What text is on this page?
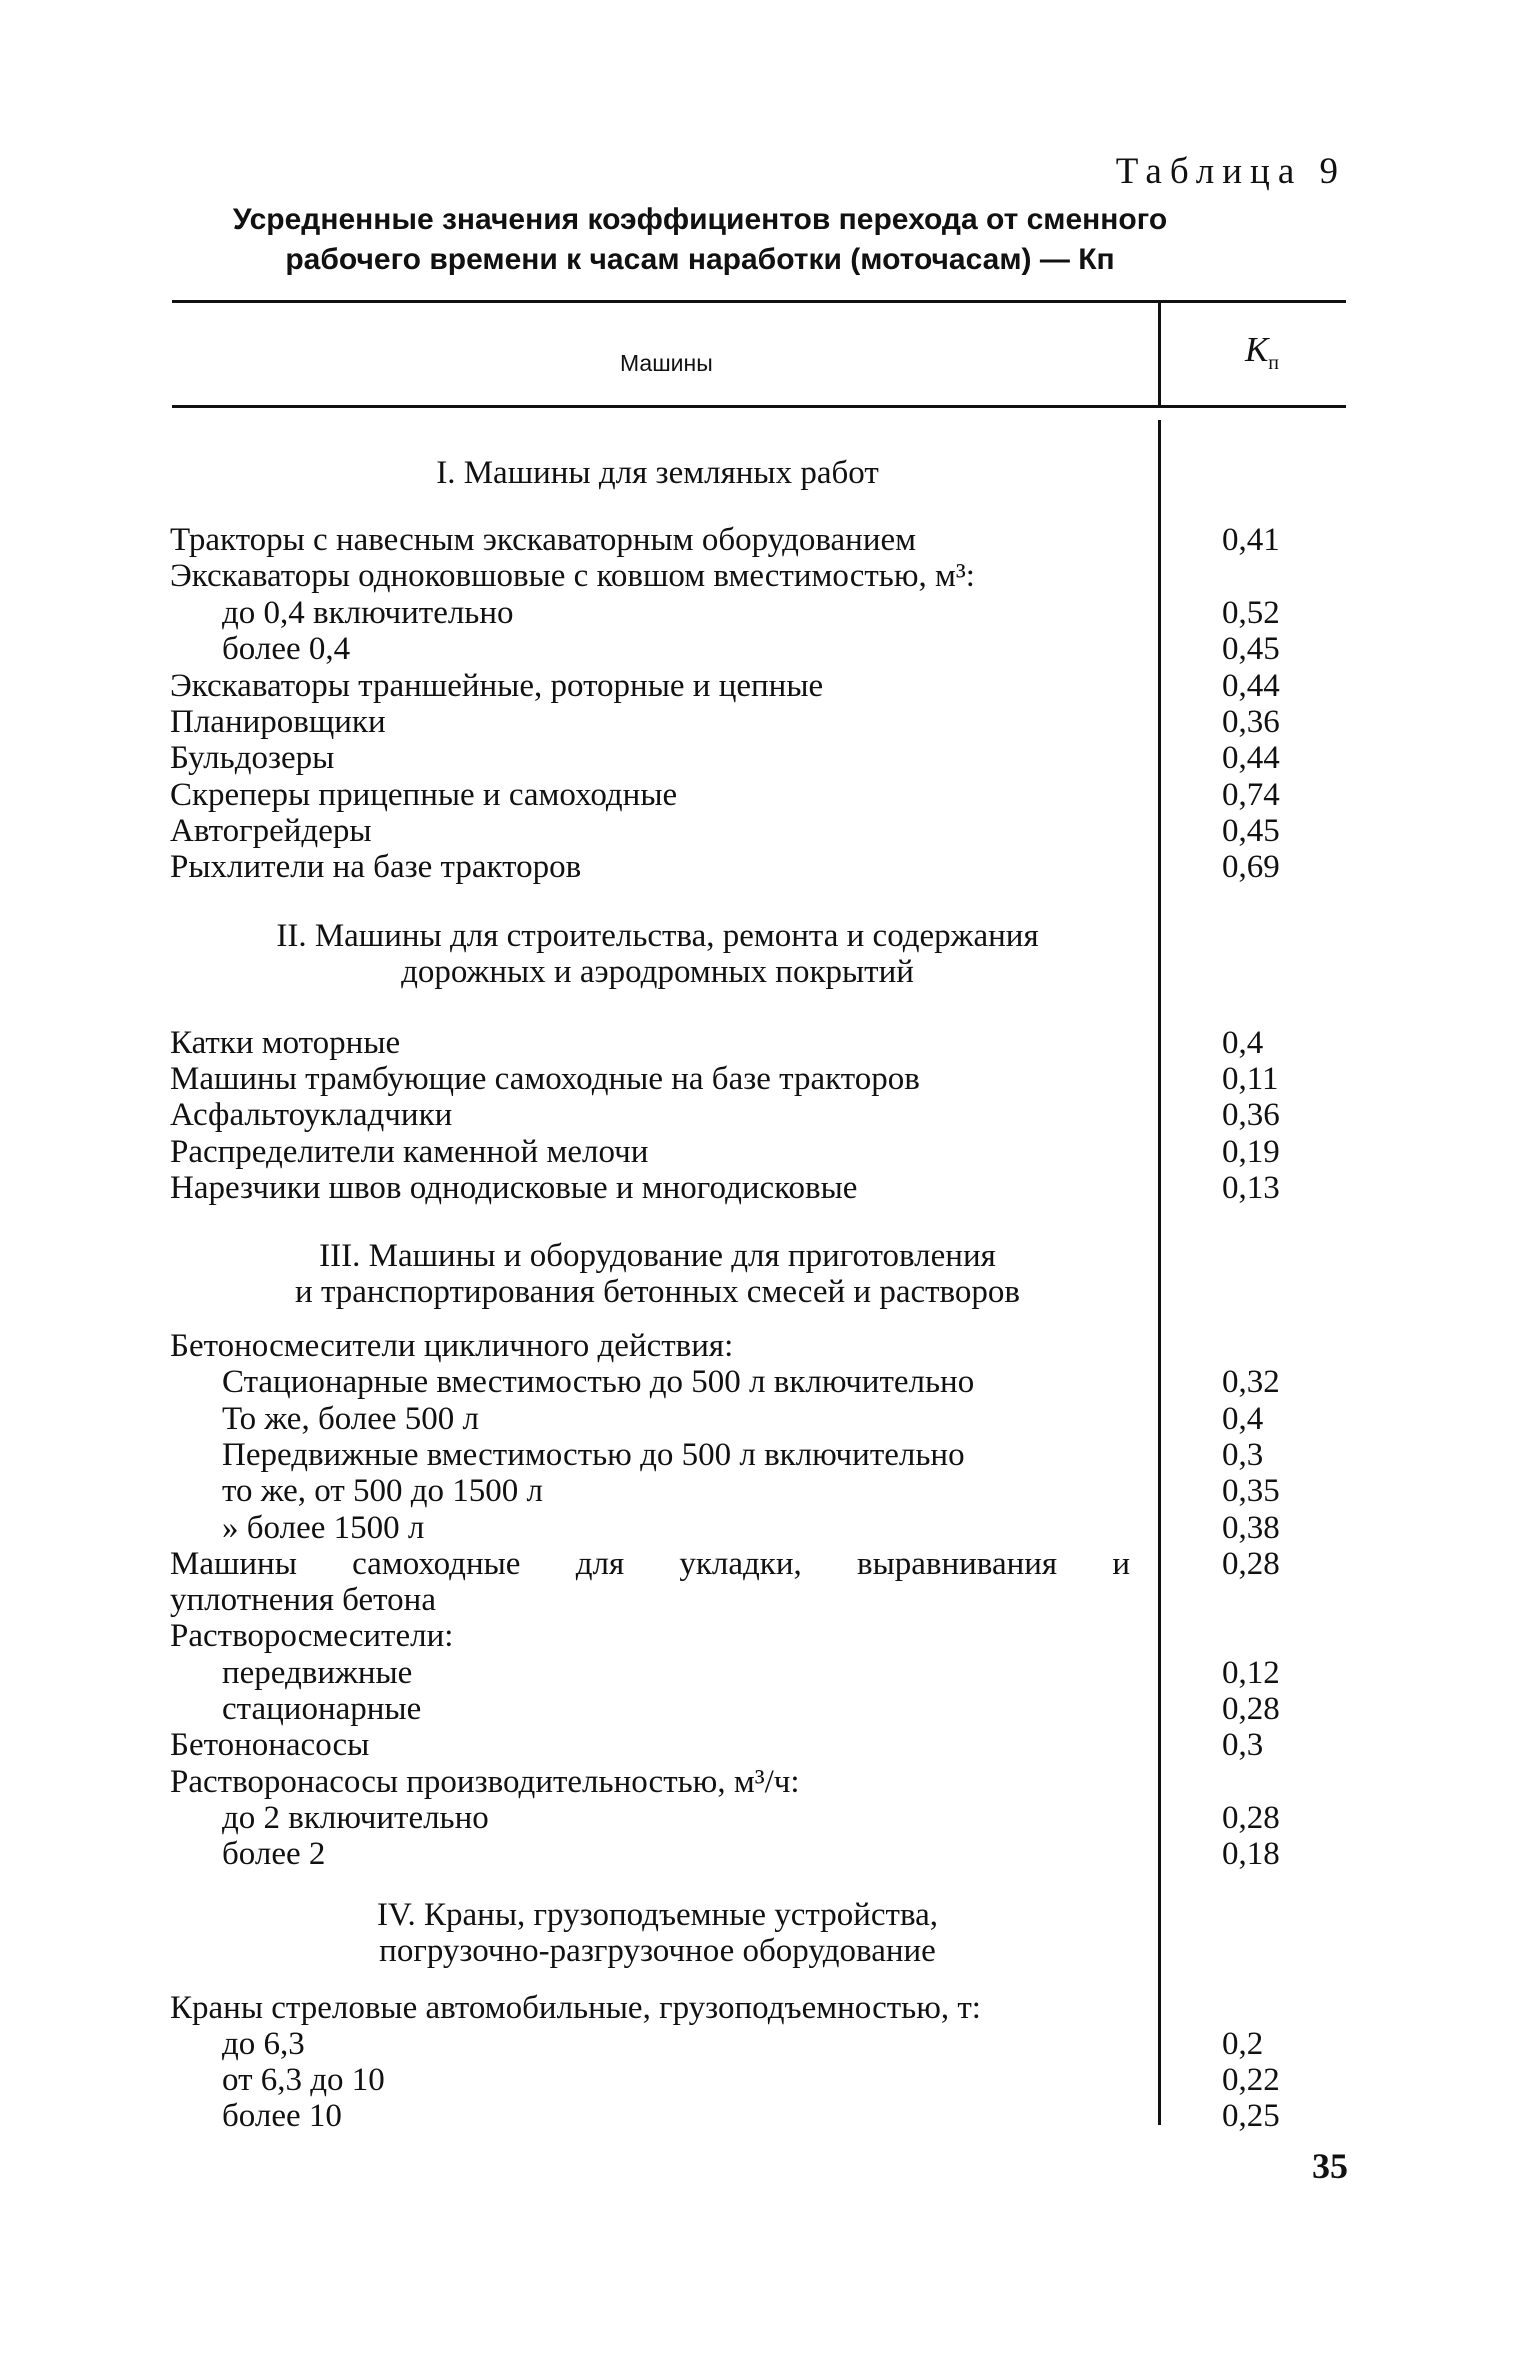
Таблица 9
Усредненные значения коэффициентов перехода от сменного
рабочего времени к часам наработки (моточасам) — Кп
Машины	$К_п$
I. Машины для земляных работ
Тракторы с навесным экскаваторным оборудованием	0,41
Экскаваторы одноковшовые с ковшом вместимостью, м³:
до 0,4 включительно	0,52
более 0,4	0,45
Экскаваторы траншейные, роторные и цепные	0,44
Планировщики	0,36
Бульдозеры	0,44
Скреперы прицепные и самоходные	0,74
Автогрейдеры	0,45
Рыхлители на базе тракторов	0,69
II. Машины для строительства, ремонта и содержания
дорожных и аэродромных покрытий
Катки моторные	0,4
Машины трамбующие самоходные на базе тракторов	0,11
Асфальтоукладчики	0,36
Распределители каменной мелочи	0,19
Нарезчики швов однодисковые и многодисковые	0,13
III. Машины и оборудование для приготовления
и транспортирования бетонных смесей и растворов
Бетоносмесители цикличного действия:
Стационарные вместимостью до 500 л включительно	0,32
То же, более 500 л	0,4
Передвижные вместимостью до 500 л включительно	0,3
то же, от 500 до 1500 л	0,35
» более 1500 л	0,38
Машины самоходные для укладки, выравнивания и	0,28
уплотнения бетона
Растворосмесители:
передвижные	0,12
стационарные	0,28
Бетононасосы	0,3
Растворонасосы производительностью, м³/ч:
до 2 включительно	0,28
более 2	0,18
IV. Краны, грузоподъемные устройства,
погрузочно-разгрузочное оборудование
Краны стреловые автомобильные, грузоподъемностью, т:
до 6,3	0,2
от 6,3 до 10	0,22
более 10	0,25
35
